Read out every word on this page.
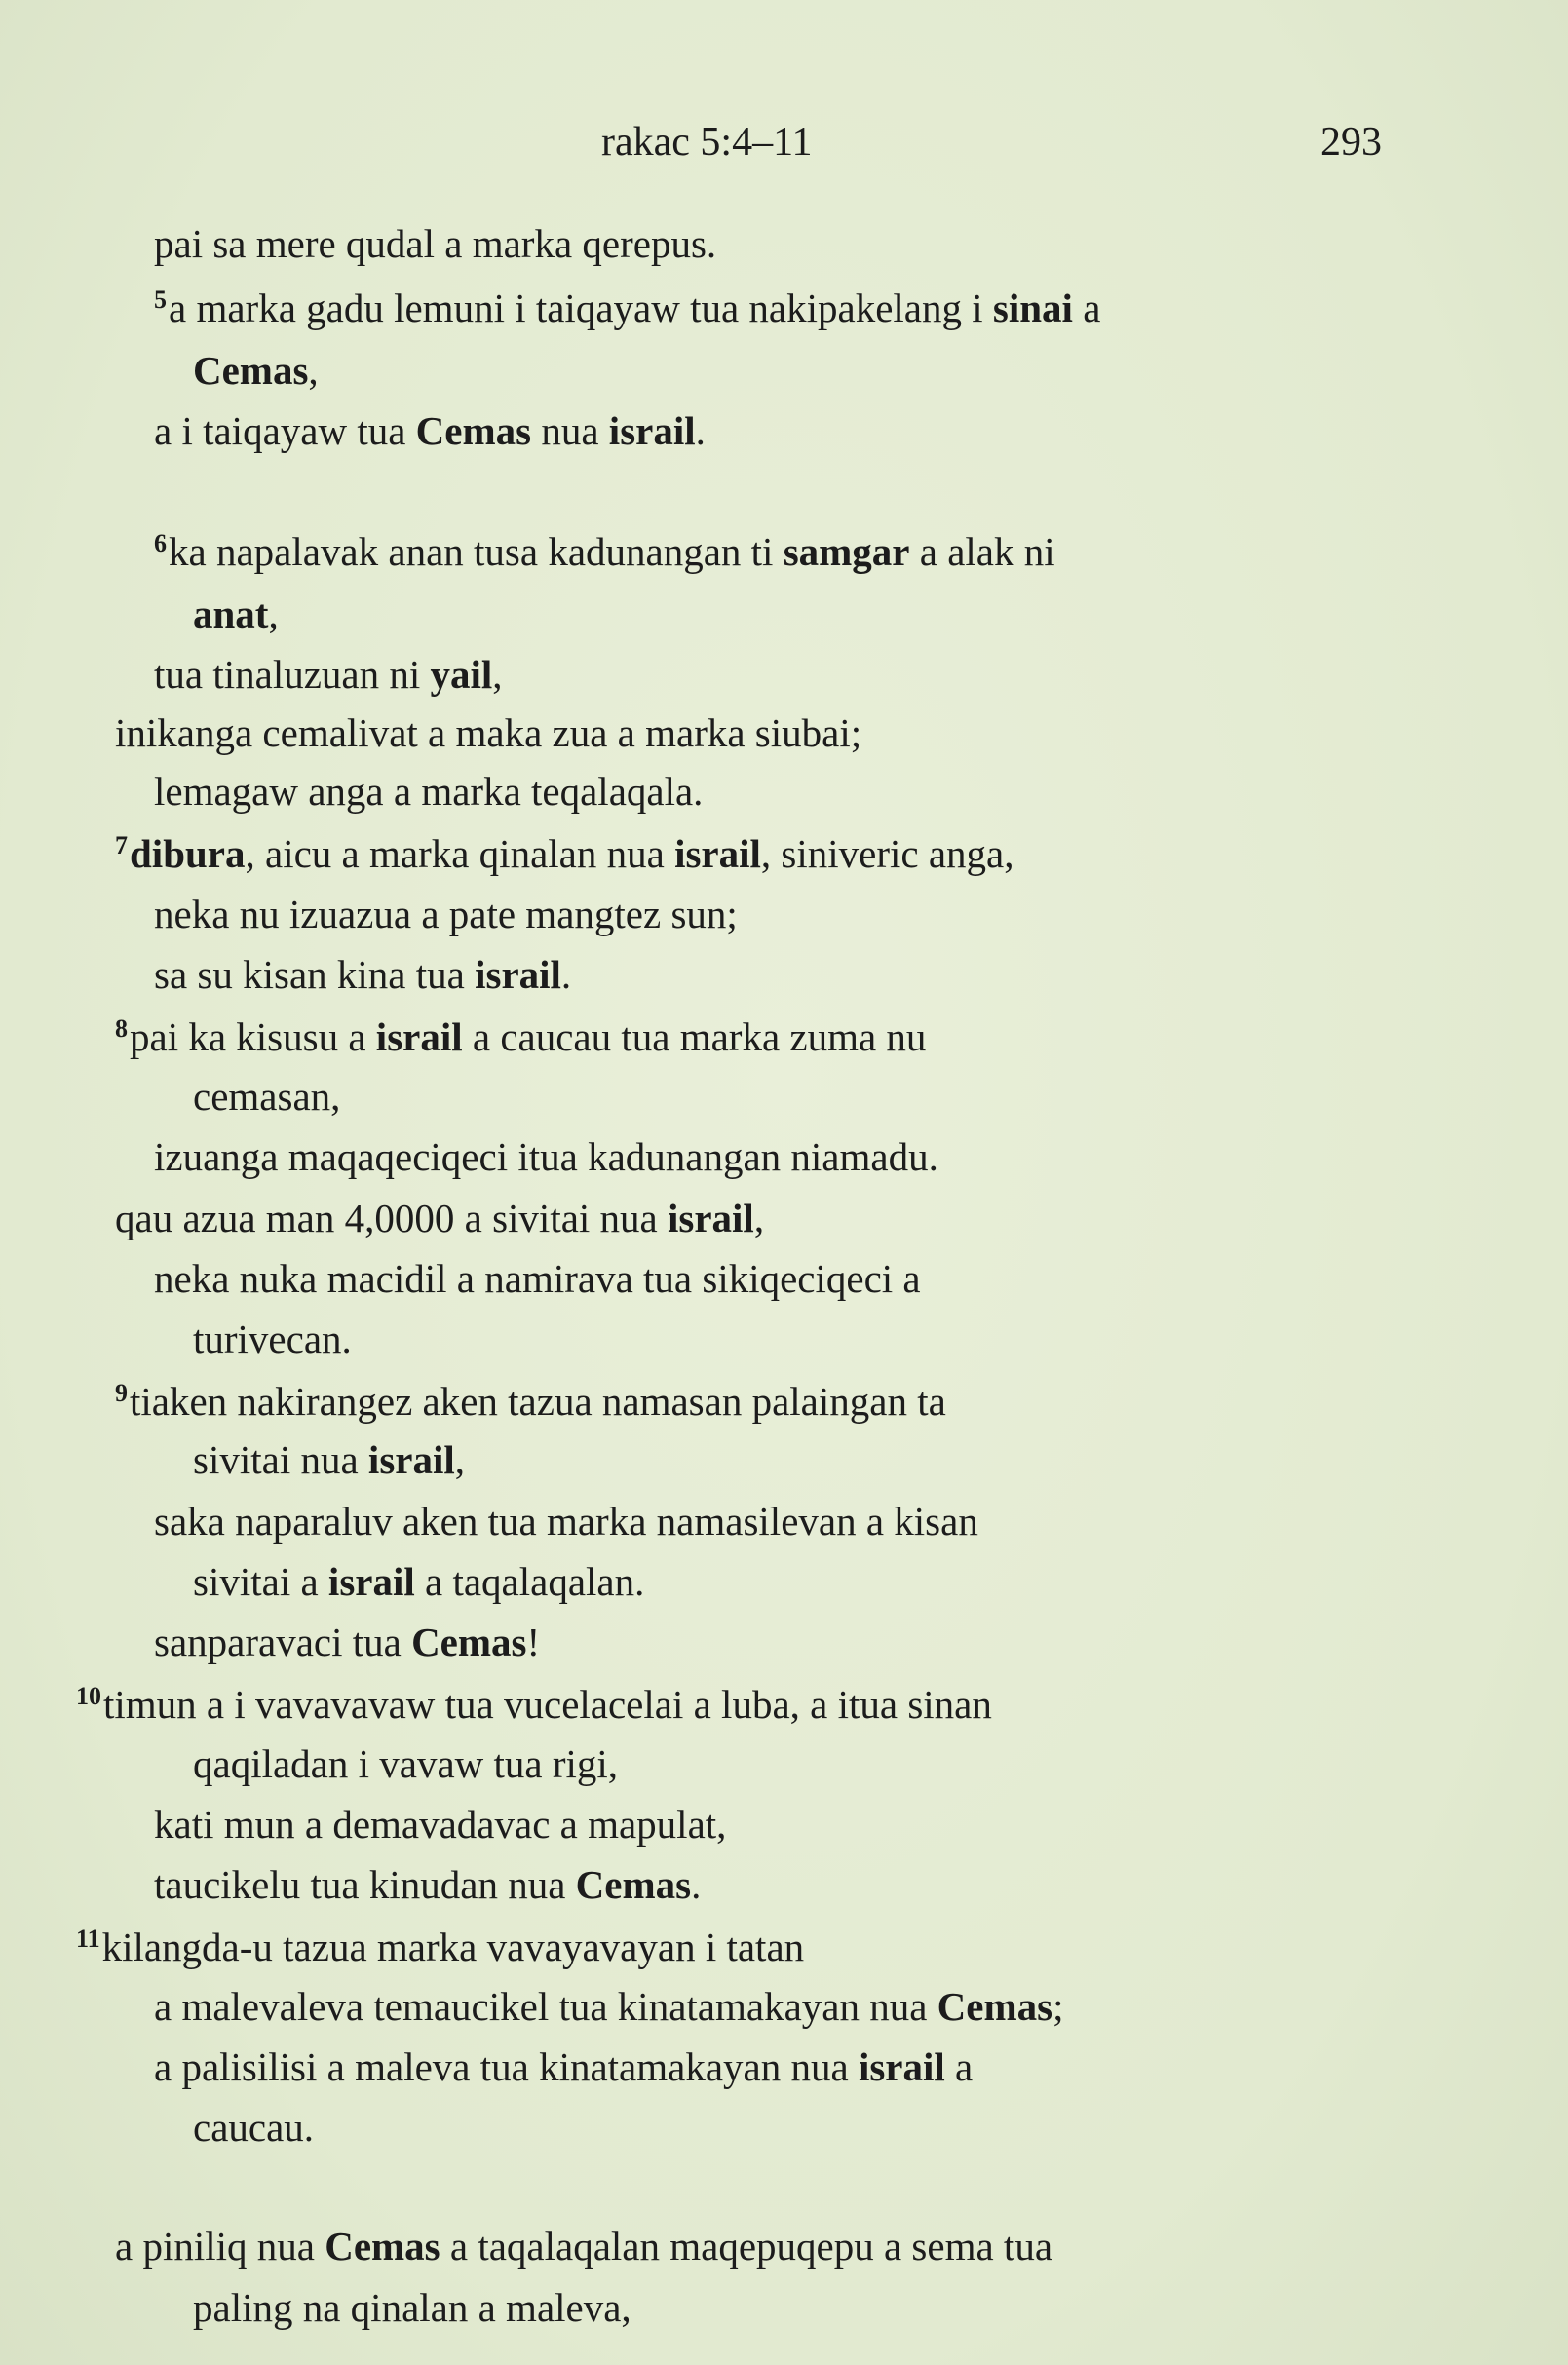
rakac 5:4–11	293
pai sa mere qudal a marka qerepus.
$^5$a marka gadu lemuni i taiqayaw tua nakipakelang i sinai a
Cemas,
a i taiqayaw tua Cemas nua israil.
$^6$ka napalavak anan tusa kadunangan ti samgar a alak ni
anat,
tua tinaluzuan ni yail,
inikanga cemalivat a maka zua a marka siubai;
lemagaw anga a marka teqalaqala.
$^7$dibura, aicu a marka qinalan nua israil, siniveric anga,
neka nu izuazua a pate mangtez sun;
sa su kisan kina tua israil.
$^8$pai ka kisusu a israil a caucau tua marka zuma nu
cemasan,
izuanga maqaqeciqeci itua kadunangan niamadu.
qau azua man 4,0000 a sivitai nua israil,
neka nuka macidil a namirava tua sikiqeciqeci a
turivecan.
$^9$tiaken nakirangez aken tazua namasan palaingan ta
sivitai nua israil,
saka naparaluv aken tua marka namasilevan a kisan
sivitai a israil a taqalaqalan.
sanparavaci tua Cemas!
$^{10}$timun a i vavavavaw tua vucelacelai a luba, a itua sinan
qaqiladan i vavaw tua rigi,
kati mun a demavadavac a mapulat,
taucikelu tua kinudan nua Cemas.
$^{11}$kilangda-u tazua marka vavayavayan i tatan
a malevaleva temaucikel tua kinatamakayan nua Cemas;
a palisilisi a maleva tua kinatamakayan nua israil a
caucau.
a piniliq nua Cemas a taqalaqalan maqepuqepu a sema tua
paling na qinalan a maleva,
